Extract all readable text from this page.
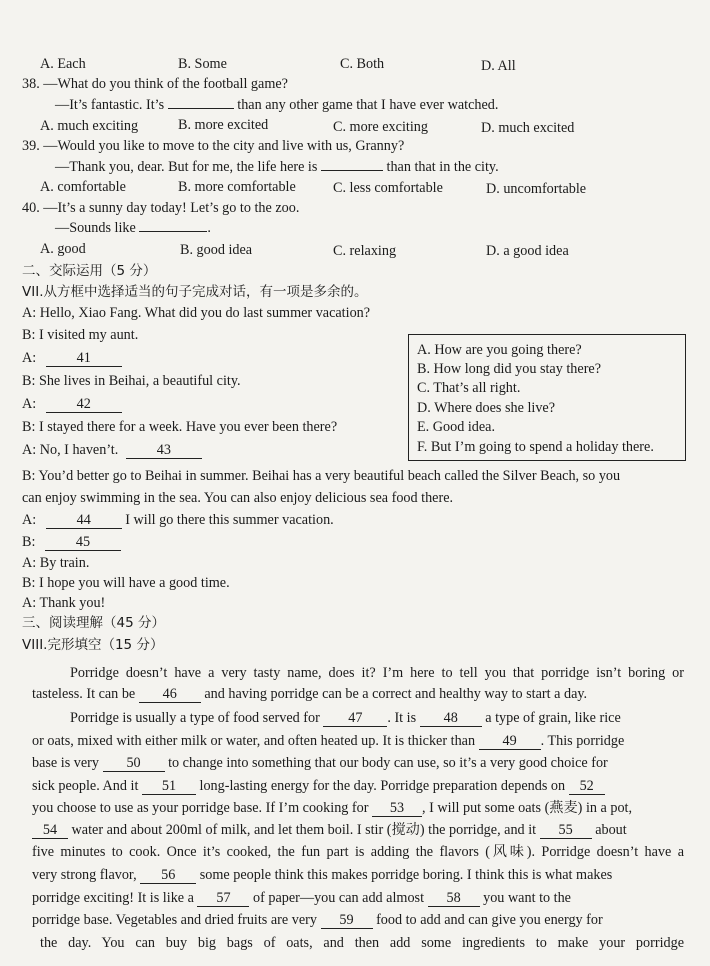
A. Each	B. Some	C. Both	D. All
38. —What do you think of the football game?
—It’s fantastic. It’s	than any other game that I have ever watched.
A. much exciting	B. more excited	C. more exciting	D. much excited
39. —Would you like to move to the city and live with us, Granny?
—Thank you, dear. But for me, the life here is	than that in the city.
A. comfortable	B. more comfortable	C. less comfortable	D. uncomfortable
40. —It’s a sunny day today! Let’s go to the zoo.
—Sounds like	.
A. good	B. good idea	C. relaxing	D. a good idea
二、交际运用（5 分）
VII.从方框中选择适当的句子完成对话，有一项是多余的。
A: Hello, Xiao Fang. What did you do last summer vacation?
B: I visited my aunt.
A:	41
B: She lives in Beihai, a beautiful city.
A:	42
B: I stayed there for a week. Have you ever been there?
A: No, I haven’t.	43
B: You’d better go to Beihai in summer. Beihai has a very beautiful beach called the Silver Beach, so you
can enjoy swimming in the sea. You can also enjoy delicious sea food there.
A:	44 I will go there this summer vacation.
B:	45
A: By train.
B: I hope you will have a good time.
A: Thank you!
A. How are you going there?
B. How long did you stay there?
C. That’s all right.
D. Where does she live?
E. Good idea.
F. But I’m going to spend a holiday there.
三、阅读理解（45 分）
VIII.完形填空（15 分）
Porridge doesn’t have a very tasty name, does it? I’m here to tell you that porridge isn’t boring or
tasteless. It can be 46 and having porridge can be a correct and healthy way to start a day.
Porridge is usually a type of food served for 47 . It is 48 a type of grain, like rice
or oats, mixed with either milk or water, and often heated up. It is thicker than 49 . This porridge
base is very 50 to change into something that our body can use, so it’s a very good choice for
sick people. And it 51 long-lasting energy for the day. Porridge preparation depends on 52
you choose to use as your porridge base. If I’m cooking for 53 , I will put some oats (燕麦) in a pot,
54 water and about 200ml of milk, and let them boil. I stir (搅动) the porridge, and it 55 about
five minutes to cook. Once it’s cooked, the fun part is adding the flavors (风味). Porridge doesn’t have a
very strong flavor, 56 some people think this makes porridge boring. I think this is what makes
porridge exciting! It is like a 57 of paper—you can add almost 58 you want to the
porridge base. Vegetables and dried fruits are very 59 food to add and can give you energy for
the day. You can buy big bags of oats, and then add some ingredients to make your porridge
